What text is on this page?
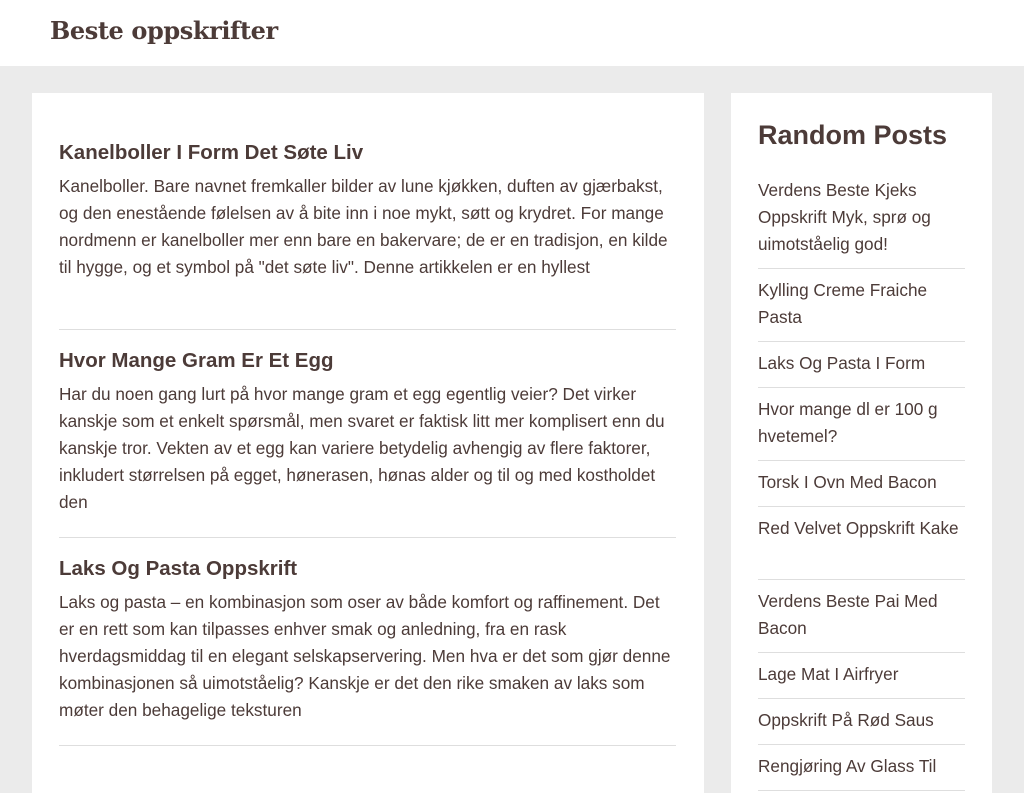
Beste oppskrifter
Kanelboller I Form Det Søte Liv

Kanelboller. Bare navnet fremkaller bilder av lune kjøkken, duften av gjærbakst, og den enestående følelsen av å bite inn i noe mykt, søtt og krydret. For mange nordmenn er kanelboller mer enn bare en bakervare; de er en tradisjon, en kilde til hygge, og et symbol på "det søte liv". Denne artikkelen er en hyllest

Hvor Mange Gram Er Et Egg

Har du noen gang lurt på hvor mange gram et egg egentlig veier? Det virker kanskje som et enkelt spørsmål, men svaret er faktisk litt mer komplisert enn du kanskje tror. Vekten av et egg kan variere betydelig avhengig av flere faktorer, inkludert størrelsen på egget, hønerasen, hønas alder og til og med kostholdet den

Laks Og Pasta Oppskrift

Laks og pasta – en kombinasjon som oser av både komfort og raffinement. Det er en rett som kan tilpasses enhver smak og anledning, fra en rask hverdagsmiddag til en elegant selskapservering. Men hva er det som gjør denne kombinasjonen så uimotståelig? Kanskje er det den rike smaken av laks som møter den behagelige teksturen

Random Posts
Verdens Beste Kjeks Oppskrift Myk, sprø og uimotståelig god!
Kylling Creme Fraiche Pasta
Laks Og Pasta I Form
Hvor mange dl er 100 g hvetemel?
Torsk I Ovn Med Bacon
Red Velvet Oppskrift Kake
Verdens Beste Pai Med Bacon
Lage Mat I Airfryer
Oppskrift På Rød Saus
Rengjøring Av Glass Til
